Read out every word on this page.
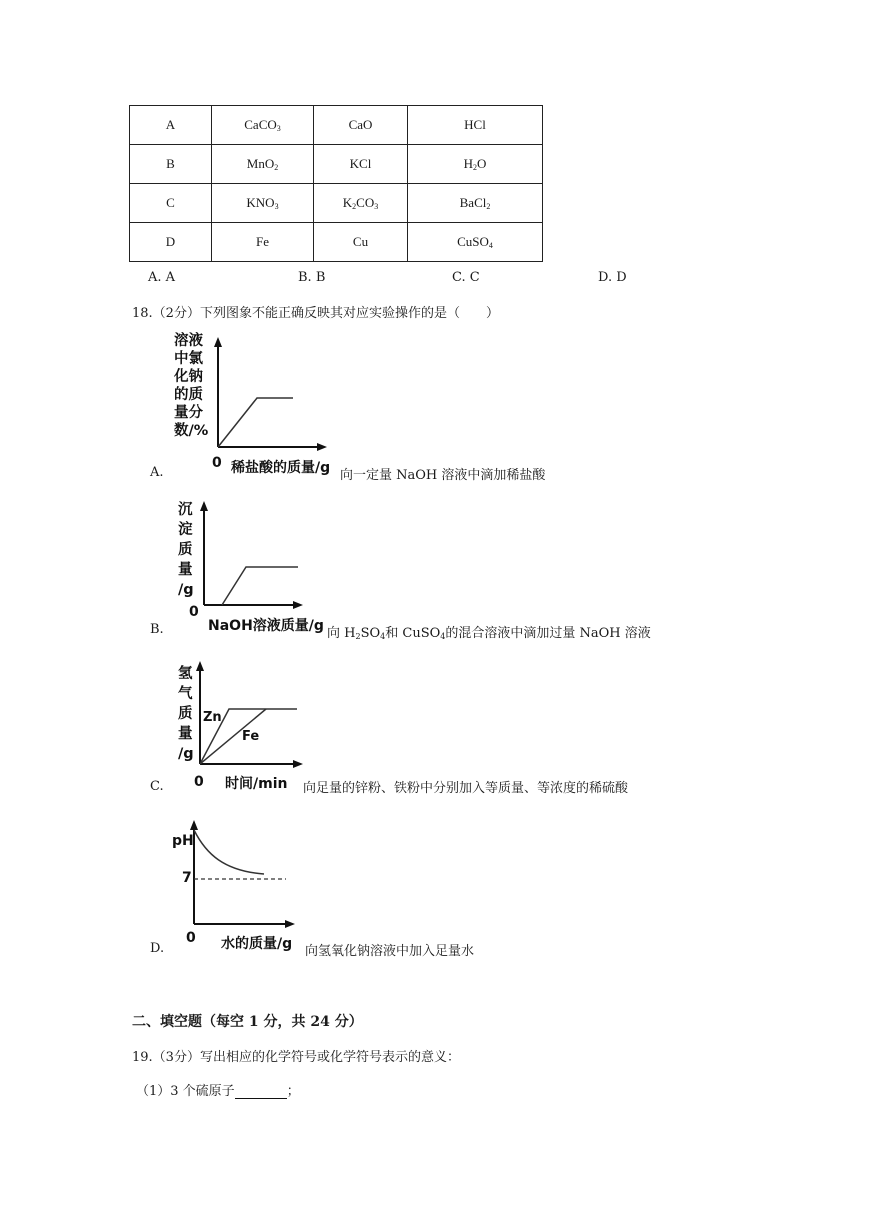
A	CaCO$_3$	CaO	HCl
B	MnO$_2$	KCl	$H_2O$
C	$KNO_3$	$K_2CO_3$	BaCl$_2$
D	Fe	Cu	CuSO$_4$
A. A	B. B	C. C	D. D
18.（2分）下列图象不能正确反映其对应实验操作的是（　　）
A.
溶液
中氯
化钠
的质
量分
数/%
0 稀盐酸的质量/g 向一定量 NaOH 溶液中滴加稀盐酸
B.
沉
淀
质
量
/g
0
NaOH溶液质量/g 向 $H_2SO_4$和 CuSO$_4$的混合溶液中滴加过量 NaOH 溶液
C.
氢
气
质
量
/g
Zn
Fe
0 时间/min 向足量的锌粉、铁粉中分别加入等质量、等浓度的稀硫酸
D.
pH
7
0 水的质量/g 向氢氧化钠溶液中加入足量水
二、填空题（每空 1 分，共 24 分）
19.（3分）写出相应的化学符号或化学符号表示的意义：
（1）3 个硫原子	；
